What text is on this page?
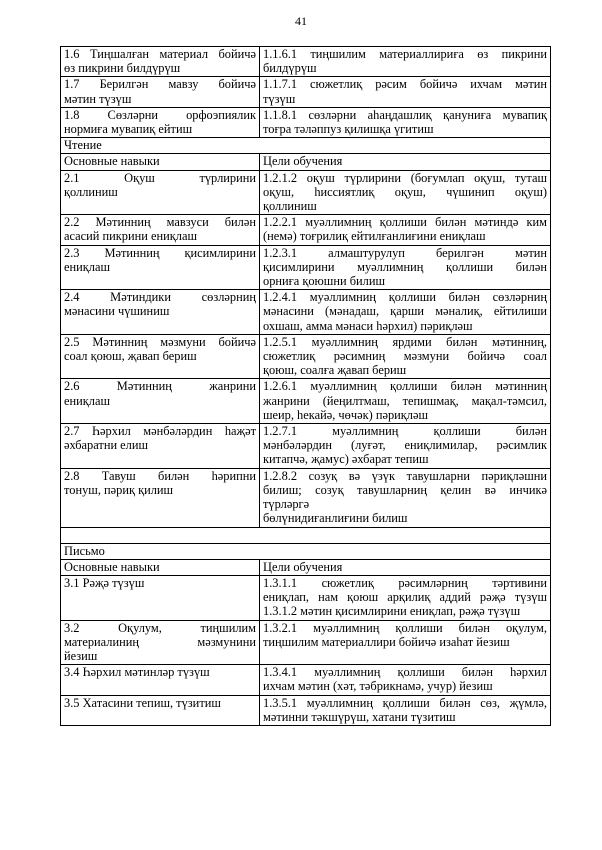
41
1.6 Тиңшалған материал бойичә
өз пикрини билдүрүш	1.1.6.1 тиңшилим материаллириға өз пикрини
билдүрүш

1.7 Берилгән мавзу бойичә
мәтин түзүш	1.1.7.1 сюжетлиқ рәсим бойичә ихчам мәтин
түзүш

1.8 Сөзләрни орфоэпиялик
нормиға мувапиқ ейтиш	1.1.8.1 сөзләрни аһаңдашлиқ қануниға мувапиқ
тоғра тәләппуз қилишқа үгитиш

Чтение	

Основные навыки	Цели обучения

2.1 Оқуш түрлирини
қоллиниш	1.2.1.2 оқуш түрлирини (боғумлап оқуш, туташ
оқуш, һиссиятлиқ оқуш, чүшинип оқуш)
қоллиниш

2.2 Мәтинниң мавзуси билән
асасий пикрини ениқлаш	1.2.2.1 муәллимниң қоллиши билән мәтиндә ким
(немә) тоғрилиқ ейтилғанлиғини ениқлаш

2.3 Мәтинниң қисимлирини
ениқлаш	1.2.3.1 алмаштурулуп берилгән мәтин
қисимлирини муәллимниң қоллиши билән
орниға қоюшни билиш

2.4 Мәтиндики сөзләрниң
мәнасини чүшиниш	1.2.4.1 муәллимниң қоллиши билән сөзләрниң
мәнасини (мәнадаш, қарши мәналиқ, ейтилиши
охшаш, амма мәнаси һәрхил) пәриқләш

2.5 Мәтинниң мәзмуни бойичә
соал қоюш, җавап бериш	1.2.5.1 муәллимниң ярдими билән мәтинниң,
сюжетлиқ рәсимниң мәзмуни бойичә соал
қоюш, соалға җавап бериш

2.6 Мәтинниң жанрини
ениқлаш	1.2.6.1 муәллимниң қоллиши билән мәтинниң
жанрини (йеңилтмаш, тепишмақ, мақал-тәмсил,
шеир, һекайә, чөчәк) пәриқләш

2.7 Һәрхил мәнбәләрдин һаҗәт
әхбаратни елиш	1.2.7.1 муәллимниң қоллиши билән
мәнбәләрдин (луғәт, ениқлимилар, рәсимлик
китапчә, җамус) әхбарат тепиш

2.8 Тавуш билән һәрипни
тонуш, пәриқ қилиш	1.2.8.2 созуқ вә үзүк тавушларни пәриқләшни
билиш; созуқ тавушларниң қелин вә инчикә
түрләргә
бөлүнидиғанлиғини билиш

Письмо	

Основные навыки	Цели обучения

3.1 Рәҗә түзүш	1.3.1.1 сюжетлиқ рәсимләрниң тәртивини
ениқлап, нам қоюш арқилиқ аддий рәҗә түзүш
1.3.1.2 мәтин қисимлирини ениқлап, рәҗә түзүш

3.2 Оқулум, тиңшилим
материалиниң мәзмунини
йезиш	1.3.2.1 муәллимниң қоллиши билән оқулум,
тиңшилим материаллири бойичә изаһат йезиш

3.4 Һәрхил мәтинләр түзүш	1.3.4.1 муәллимниң қоллиши билән һәрхил
ихчам мәтин (хәт, тәбрикнамә, учур) йезиш

3.5 Хатасини тепиш, түзитиш	1.3.5.1 муәллимниң қоллиши билән сөз, җүмлә,
мәтинни тәкшүрүш, хатани түзитиш
